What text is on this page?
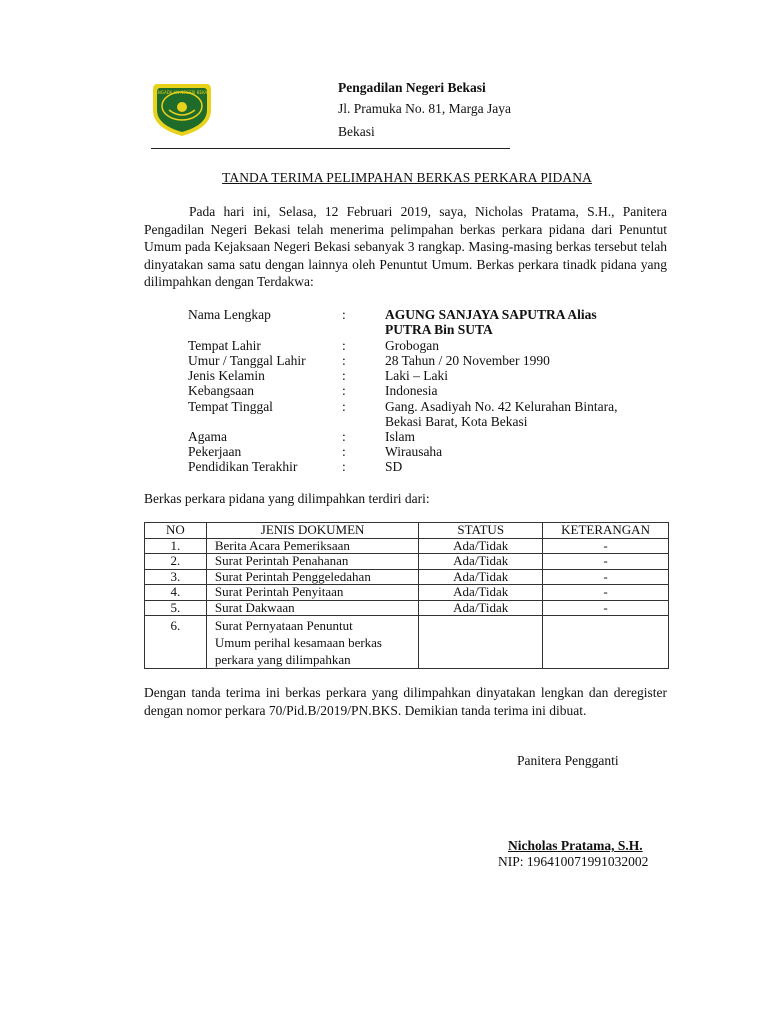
PENGADILAN NEGERI BEKASI	Pengadilan Negeri Bekasi
Jl. Pramuka No. 81, Marga Jaya
Bekasi
TANDA TERIMA PELIMPAHAN BERKAS PERKARA PIDANA
Pada hari ini, Selasa, 12 Februari 2019, saya, Nicholas Pratama, S.H., Panitera Pengadilan Negeri Bekasi telah menerima pelimpahan berkas perkara pidana dari Penuntut Umum pada Kejaksaan Negeri Bekasi sebanyak 3 rangkap. Masing-masing berkas tersebut telah dinyatakan sama satu dengan lainnya oleh Penuntut Umum. Berkas perkara tinadk pidana yang dilimpahkan dengan Terdakwa:
Nama Lengkap	:	AGUNG SANJAYA SAPUTRA Alias
PUTRA Bin SUTA
Tempat Lahir	:	Grobogan
Umur / Tanggal Lahir	:	28 Tahun / 20 November 1990
Jenis Kelamin	:	Laki – Laki
Kebangsaan	:	Indonesia
Tempat Tinggal	:	Gang. Asadiyah No. 42 Kelurahan Bintara,
Bekasi Barat, Kota Bekasi
Agama	:	Islam
Pekerjaan	:	Wirausaha
Pendidikan Terakhir	:	SD
Berkas perkara pidana yang dilimpahkan terdiri dari:
NO	JENIS DOKUMEN	STATUS	KETERANGAN
1.	Berita Acara Pemeriksaan	Ada/Tidak	-
2.	Surat Perintah Penahanan	Ada/Tidak	-
3.	Surat Perintah Penggeledahan	Ada/Tidak	-
4.	Surat Perintah Penyitaan	Ada/Tidak	-
5.	Surat Dakwaan	Ada/Tidak	-
6.	Surat Pernyataan Penuntut
Umum perihal kesamaan berkas
perkara yang dilimpahkan		

Dengan tanda terima ini berkas perkara yang dilimpahkan dinyatakan lengkan dan deregister dengan nomor perkara 70/Pid.B/2019/PN.BKS. Demikian tanda terima ini dibuat.
Panitera Pengganti
Nicholas Pratama, S.H.
NIP: 196410071991032002
